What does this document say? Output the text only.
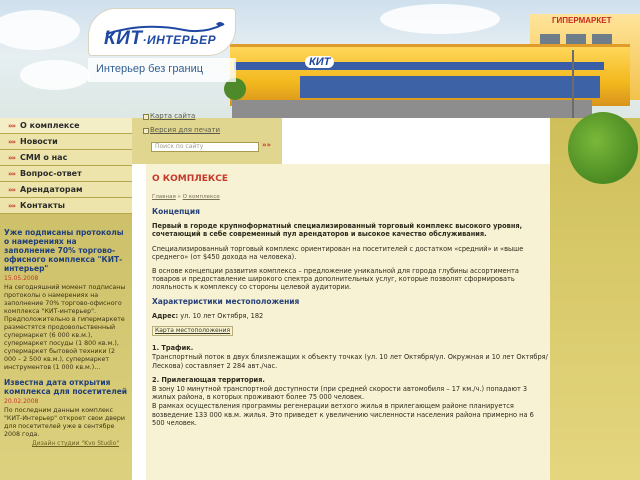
ГИПЕРМАРКЕТ
КИТ
КИТ·ИНТЕРЬЕР
Интерьер без границ
»» О комплексе
»» Новости
»» СМИ о нас
»» Вопрос-ответ
»» Арендаторам
»» Контакты
Уже подписаны протоколы о намерениях на заполнение 70% торгово-офисного комплекса "КИТ-интерьер"
15.05.2008
На сегодняшний момент подписаны протоколы о намерениях на заполнение 70% торгово-офисного комплекса "КИТ-интерьер". Предположительно в гипермаркете разместятся продовольственный супермаркет (6 000 кв.м.), супермаркет посуды (1 800 кв.м.), супермаркет бытовой техники (2 000 – 2 500 кв.м.), супермаркет инструментов (1 000 кв.м.)...
Известна дата открытия комплекса для посетителей
20.02.2008
По последним данным комплекс "КИТ-Интерьер" откроет свои двери для посетителей уже в сентябре 2008 года.
Дизайн студии "Kvo Studio"
Карта сайта
Версия для печати
Поиск по сайту	»»
О КОМПЛЕКСЕ
Главная » О комплексе
Концепция

Первый в городе крупноформатный специализированный торговый комплекс высокого уровня, сочетающий в себе современный пул арендаторов и высокое качество обслуживания.

Специализированный торговый комплекс ориентирован на посетителей с достатком «средний» и «выше среднего» (от $450 дохода на человека).

В основе концепции развития комплекса – предложение уникальной для города глубины ассортимента товаров и предоставление широкого спектра дополнительных услуг, которые позволят сформировать лояльность к комплексу со стороны целевой аудитории.

Характеристики местоположения

Адрес: ул. 10 лет Октября, 182

Карта местоположения
1. Трафик.

Транспортный поток в двух близлежащих к объекту точках (ул. 10 лет Октября/ул. Окружная и 10 лет Октября/Лескова) составляет 2 284 авт./час.

2. Прилегающая территория.

В зону 10 минутной транспортной доступности (при средней скорости автомобиля – 17 км./ч.) попадают 3 жилых района, в которых проживают более 75 000 человек.

В рамках осуществления программы регенерации ветхого жилья в прилегающем районе планируется возведение 133 000 кв.м. жилья. Это приведет к увеличению численности населения района примерно на 6 500 человек.
